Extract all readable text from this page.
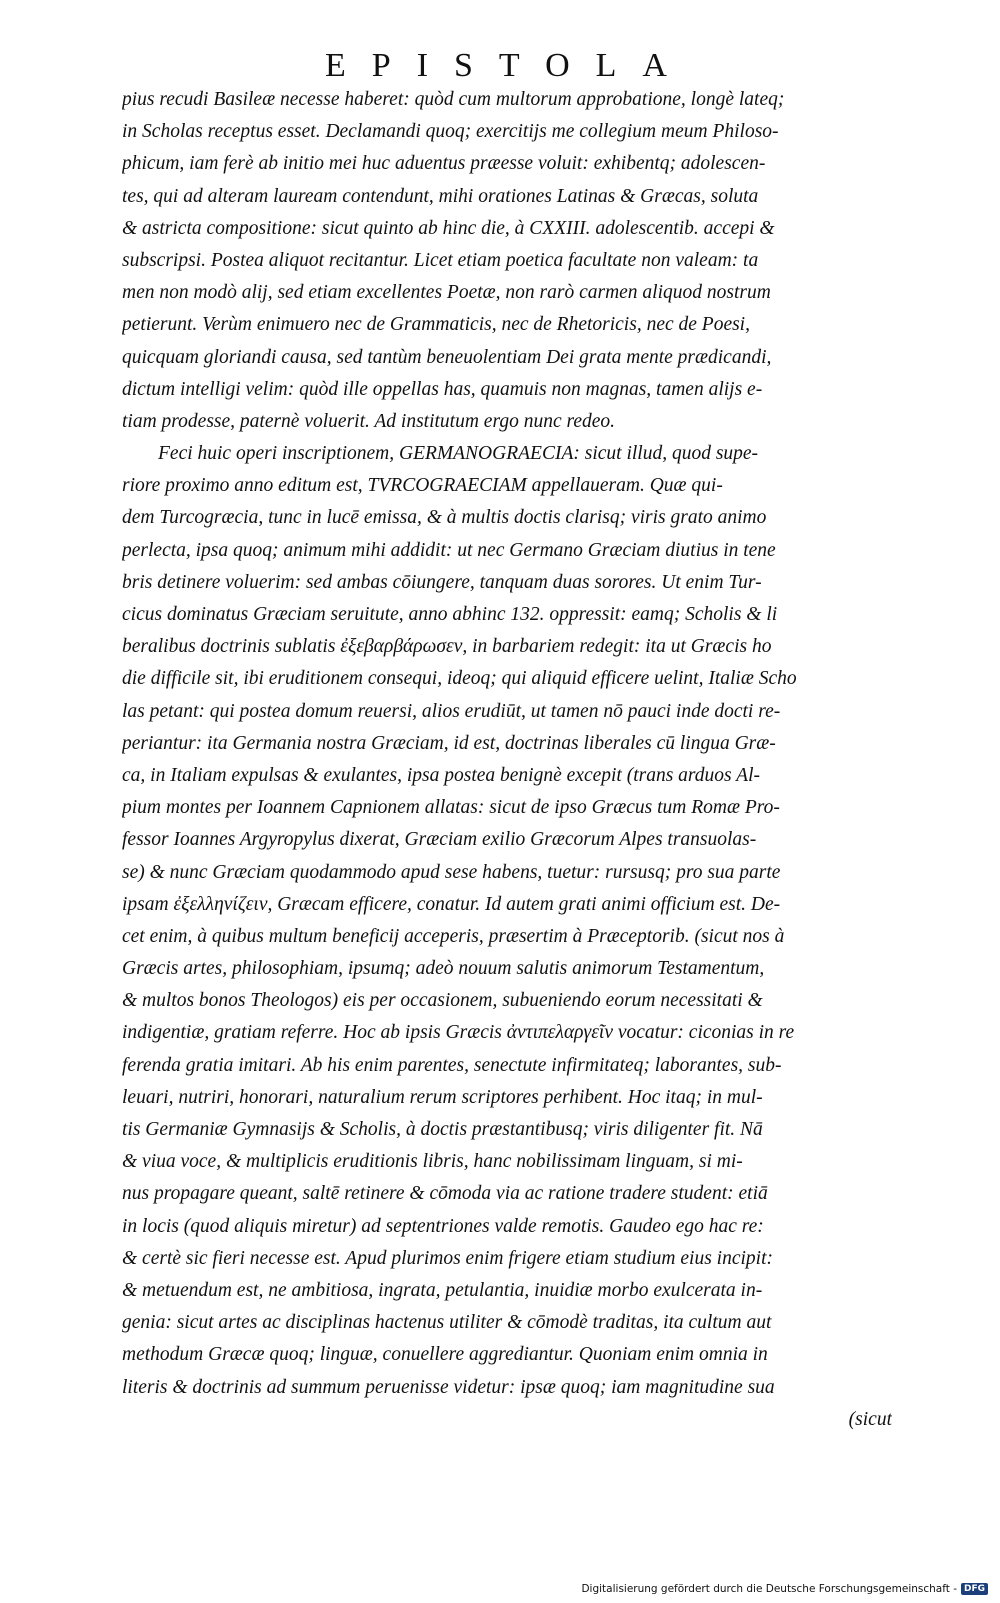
EPISTOLA
pius recudi Basileæ necesse haberet: quòd cum multorum approbatione, longè lateq;
in Scholas receptus esset. Declamandi quoq; exercitijs me collegium meum Philoso-
phicum, iam ferè ab initio mei huc aduentus præesse voluit: exhibentq; adolescen-
tes, qui ad alteram lauream contendunt, mihi orationes Latinas & Græcas, soluta
& astricta compositione: sicut quinto ab hinc die, à CXXIII. adolescentib. accepi &
subscripsi. Postea aliquot recitantur. Licet etiam poetica facultate non valeam: ta
men non modò alij, sed etiam excellentes Poetæ, non rarò carmen aliquod nostrum
petierunt. Verùm enimuero nec de Grammaticis, nec de Rhetoricis, nec de Poesi,
quicquam gloriandi causa, sed tantùm beneuolentiam Dei grata mente prædicandi,
dictum intelligi velim: quòd ille oppellas has, quamuis non magnas, tamen alijs e-
tiam prodesse, paternè voluerit. Ad institutum ergo nunc redeo.
Feci huic operi inscriptionem, GERMANOGRAECIA: sicut illud, quod supe-
riore proximo anno editum est, TVRCOGRAECIAM appellaueram. Quæ qui-
dem Turcogræcia, tunc in lucē emissa, & à multis doctis clarisq; viris grato animo
perlecta, ipsa quoq; animum mihi addidit: ut nec Germano Græciam diutius in tene
bris detinere voluerim: sed ambas cōiungere, tanquam duas sorores. Ut enim Tur-
cicus dominatus Græciam seruitute, anno abhinc 132. oppressit: eamq; Scholis & li
beralibus doctrinis sublatis ἐξεβαρβάρωσεν, in barbariem redegit: ita ut Græcis ho
die difficile sit, ibi eruditionem consequi, ideoq; qui aliquid efficere uelint, Italiæ Scho
las petant: qui postea domum reuersi, alios erudiūt, ut tamen nō pauci inde docti re-
periantur: ita Germania nostra Græciam, id est, doctrinas liberales cū lingua Græ-
ca, in Italiam expulsas & exulantes, ipsa postea benignè excepit (trans arduos Al-
pium montes per Ioannem Capnionem allatas: sicut de ipso Græcus tum Romæ Pro-
fessor Ioannes Argyropylus dixerat, Græciam exilio Græcorum Alpes transuolas-
se) & nunc Græciam quodammodo apud sese habens, tuetur: rursusq; pro sua parte
ipsam ἐξελληνίζειν, Græcam efficere, conatur. Id autem grati animi officium est. De-
cet enim, à quibus multum beneficij acceperis, præsertim à Præceptorib. (sicut nos à
Græcis artes, philosophiam, ipsumq; adeò nouum salutis animorum Testamentum,
& multos bonos Theologos) eis per occasionem, subueniendo eorum necessitati &
indigentiæ, gratiam referre. Hoc ab ipsis Græcis ἀντιπελαργεῖν vocatur: ciconias in re
ferenda gratia imitari. Ab his enim parentes, senectute infirmitateq; laborantes, sub-
leuari, nutriri, honorari, naturalium rerum scriptores perhibent. Hoc itaq; in mul-
tis Germaniæ Gymnasijs & Scholis, à doctis præstantibusq; viris diligenter fit. Nā
& viua voce, & multiplicis eruditionis libris, hanc nobilissimam linguam, si mi-
nus propagare queant, saltē retinere & cōmoda via ac ratione tradere student: etiā
in locis (quod aliquis miretur) ad septentriones valde remotis. Gaudeo ego hac re:
& certè sic fieri necesse est. Apud plurimos enim frigere etiam studium eius incipit:
& metuendum est, ne ambitiosa, ingrata, petulantia, inuidiæ morbo exulcerata in-
genia: sicut artes ac disciplinas hactenus utiliter & cōmodè traditas, ita cultum aut
methodum Græcæ quoq; linguæ, conuellere aggrediantur. Quoniam enim omnia in
literis & doctrinis ad summum peruenisse videtur: ipsæ quoq; iam magnitudine sua
(sicut
Digitalisierung gefördert durch die Deutsche Forschungsgemeinschaft - DFG
